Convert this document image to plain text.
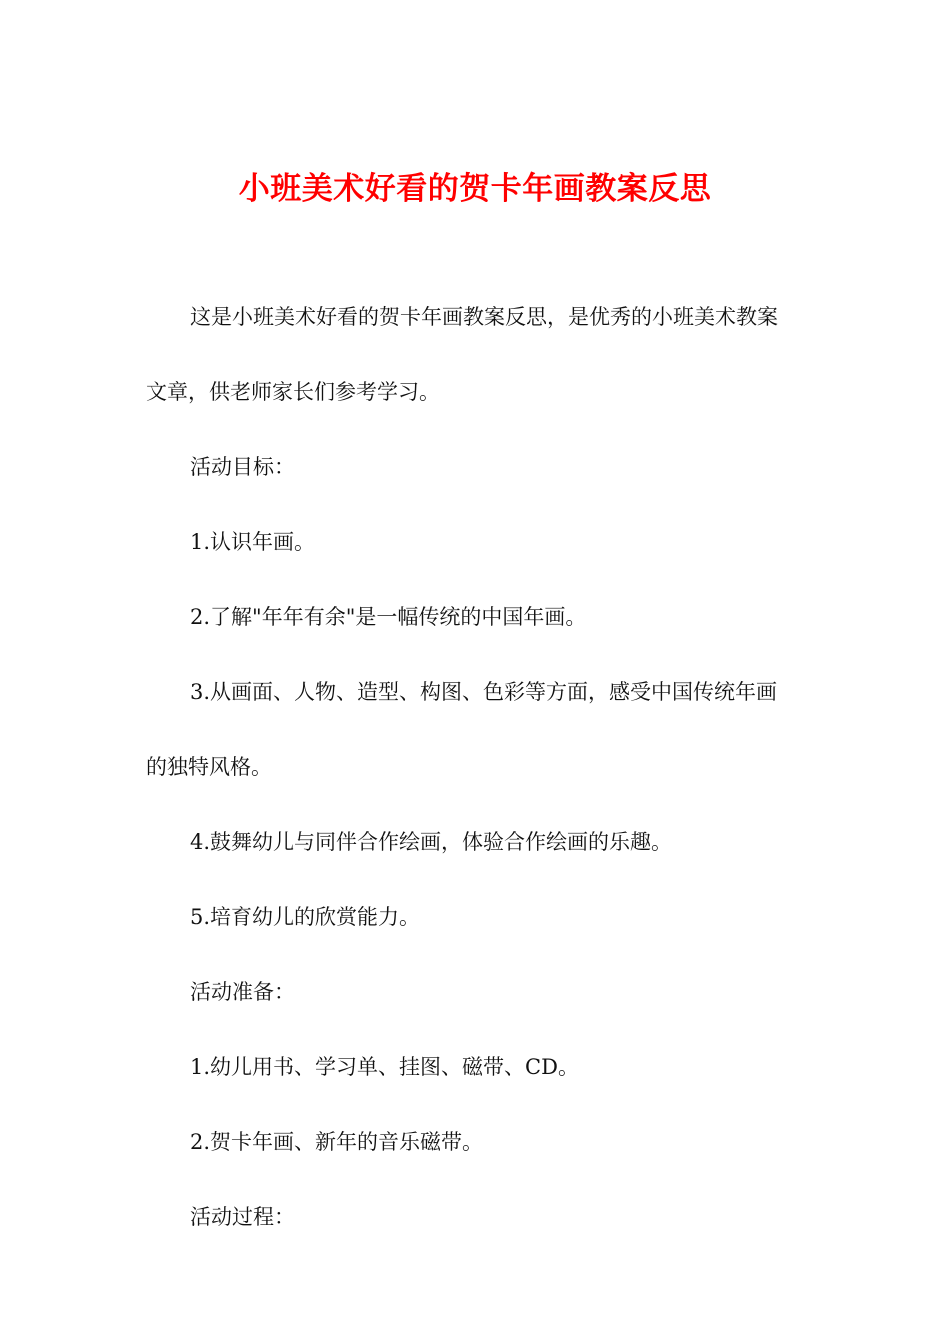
小班美术好看的贺卡年画教案反思

这是小班美术好看的贺卡年画教案反思，是优秀的小班美术教案文章，供老师家长们参考学习。

活动目标：

1.认识年画。

2.了解"年年有余"是一幅传统的中国年画。

3.从画面、人物、造型、构图、色彩等方面，感受中国传统年画的独特风格。

4.鼓舞幼儿与同伴合作绘画，体验合作绘画的乐趣。

5.培育幼儿的欣赏能力。

活动准备：

1.幼儿用书、学习单、挂图、磁带、CD。

2.贺卡年画、新年的音乐磁带。

活动过程：
